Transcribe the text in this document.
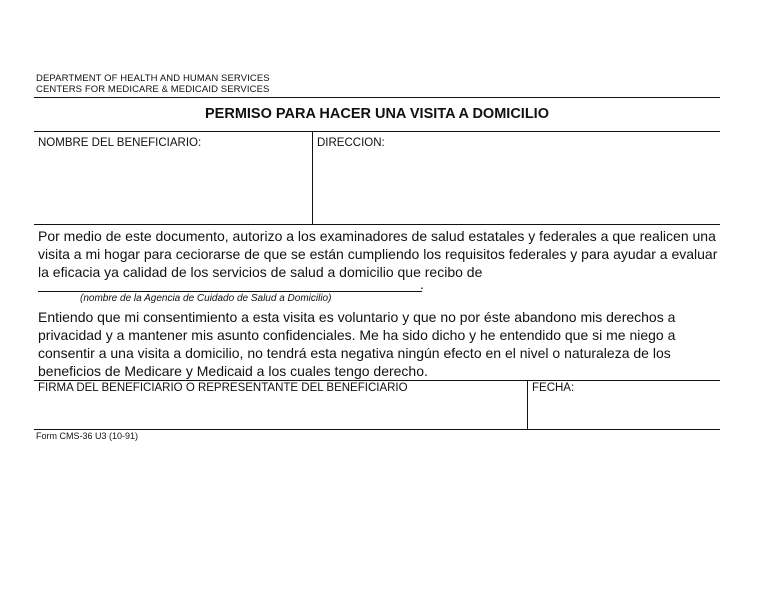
DEPARTMENT OF HEALTH AND HUMAN SERVICES
CENTERS FOR MEDICARE & MEDICAID SERVICES
PERMISO PARA HACER UNA VISITA A DOMICILIO
NOMBRE DEL BENEFICIARIO:	DIRECCION:
Por medio de este documento, autorizo a los examinadores de salud estatales y federales a que realicen una visita a mi hogar para ceciorarse de que se están cumpliendo los requisitos federales y para ayudar a evaluar la eficacia ya calidad de los servicios de salud a domicilio que recibo de
.
(nombre de la Agencia de Cuidado de Salud a Domicilio)
Entiendo que mi consentimiento a esta visita es voluntario y que no por éste abandono mis derechos a privacidad y a mantener mis asunto confidenciales. Me ha sido dicho y he entendido que si me niego a consentir a una visita a domicilio, no tendrá esta negativa ningún efecto en el nivel o naturaleza de los beneficios de Medicare y Medicaid a los cuales tengo derecho.
FIRMA DEL BENEFICIARIO O REPRESENTANTE DEL BENEFICIARIO	FECHA:
Form CMS-36 U3 (10-91)
